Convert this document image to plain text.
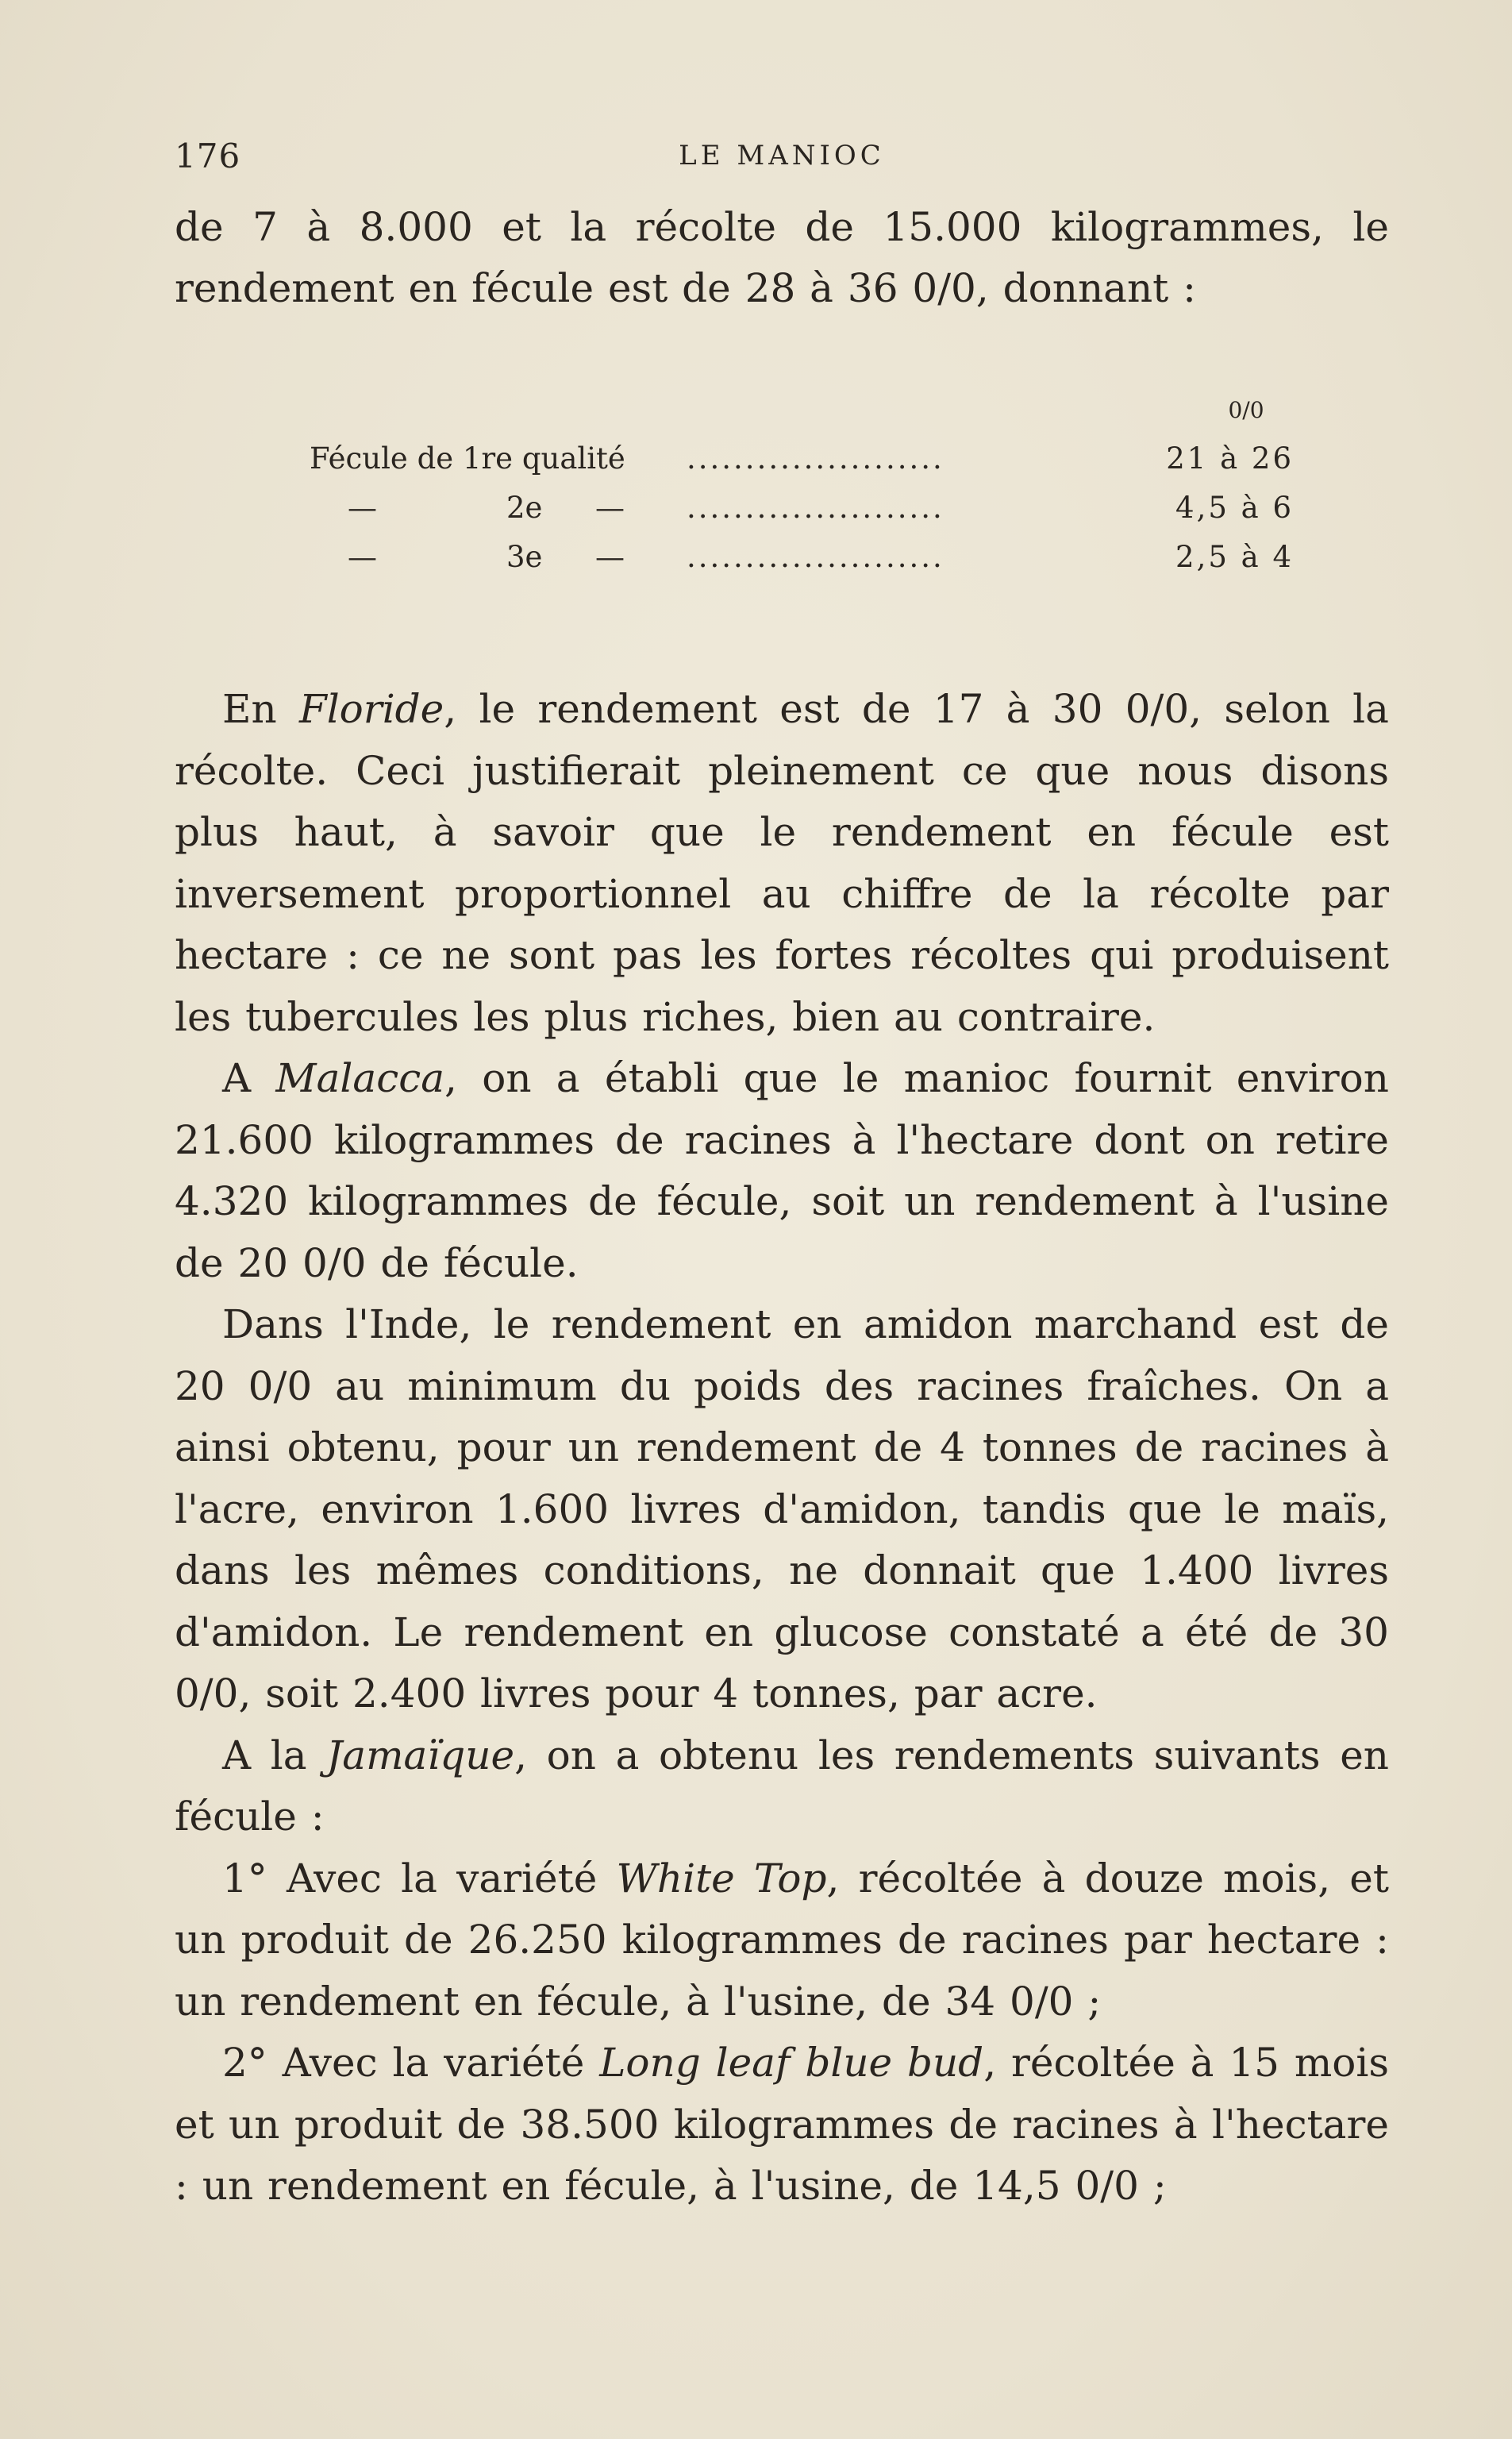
176	LE MANIOC

de 7 à 8.000 et la récolte de 15.000 kilogrammes, le rendement en fécule est de 28 à 36 0/0, donnant :

0/0
Fécule de 1re qualité ......................	21 à 26
—	2e — ......................	4,5 à 6
—	3e — ......................	2,5 à 4

En Floride, le rendement est de 17 à 30 0/0, selon la récolte. Ceci justifierait pleinement ce que nous disons plus haut, à savoir que le rendement en fécule est inversement proportionnel au chiffre de la récolte par hectare : ce ne sont pas les fortes récoltes qui produisent les tubercules les plus riches, bien au contraire.

A Malacca, on a établi que le manioc fournit environ 21.600 kilogrammes de racines à l'hectare dont on retire 4.320 kilogrammes de fécule, soit un rendement à l'usine de 20 0/0 de fécule.

Dans l'Inde, le rendement en amidon marchand est de 20 0/0 au minimum du poids des racines fraîches. On a ainsi obtenu, pour un rendement de 4 tonnes de racines à l'acre, environ 1.600 livres d'amidon, tandis que le maïs, dans les mêmes conditions, ne donnait que 1.400 livres d'amidon. Le rendement en glucose constaté a été de 30 0/0, soit 2.400 livres pour 4 tonnes, par acre.

A la Jamaïque, on a obtenu les rendements suivants en fécule :

1° Avec la variété White Top, récoltée à douze mois, et un produit de 26.250 kilogrammes de racines par hectare : un rendement en fécule, à l'usine, de 34 0/0 ;

2° Avec la variété Long leaf blue bud, récoltée à 15 mois et un produit de 38.500 kilogrammes de racines à l'hectare : un rendement en fécule, à l'usine, de 14,5 0/0 ;
